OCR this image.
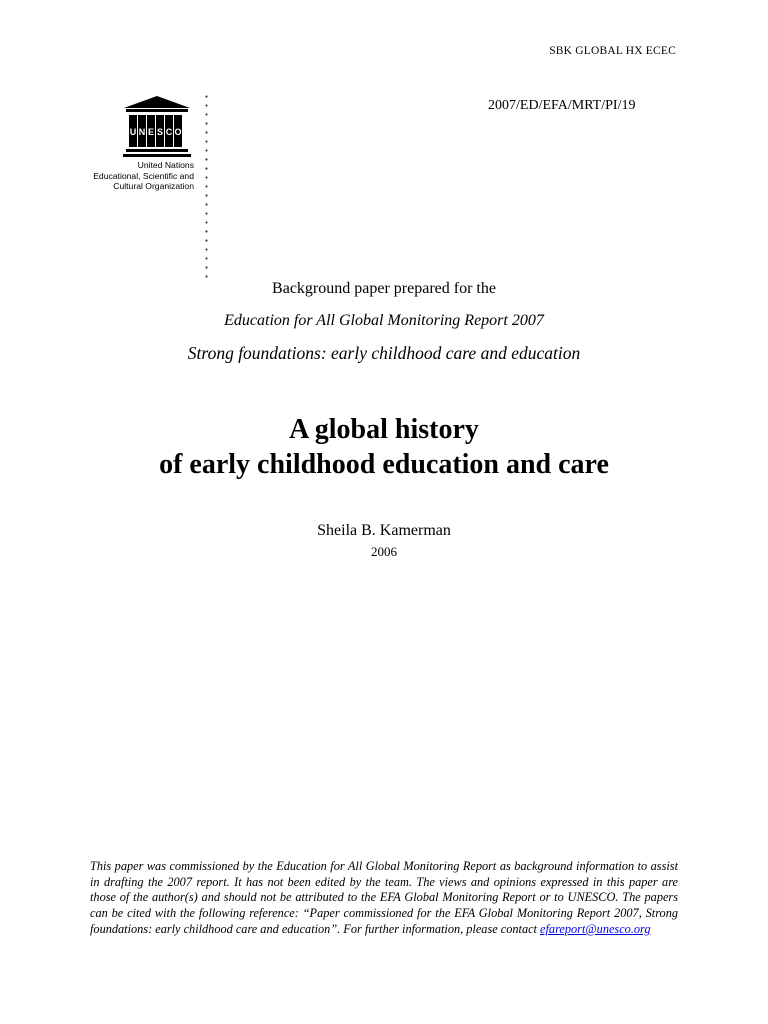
SBK GLOBAL HX ECEC
2007/ED/EFA/MRT/PI/19
U N E S C O
United Nations
Educational, Scientific and
Cultural Organization
Background paper prepared for the
Education for All Global Monitoring Report 2007
Strong foundations: early childhood care and education
A global history
of early childhood education and care
Sheila B. Kamerman
2006
This paper was commissioned by the Education for All Global Monitoring Report as background information to assist in drafting the 2007 report. It has not been edited by the team. The views and opinions expressed in this paper are those of the author(s) and should not be attributed to the EFA Global Monitoring Report or to UNESCO. The papers can be cited with the following reference: “Paper commissioned for the EFA Global Monitoring Report 2007, Strong foundations: early childhood care and education”. For further information, please contact efareport@unesco.org
